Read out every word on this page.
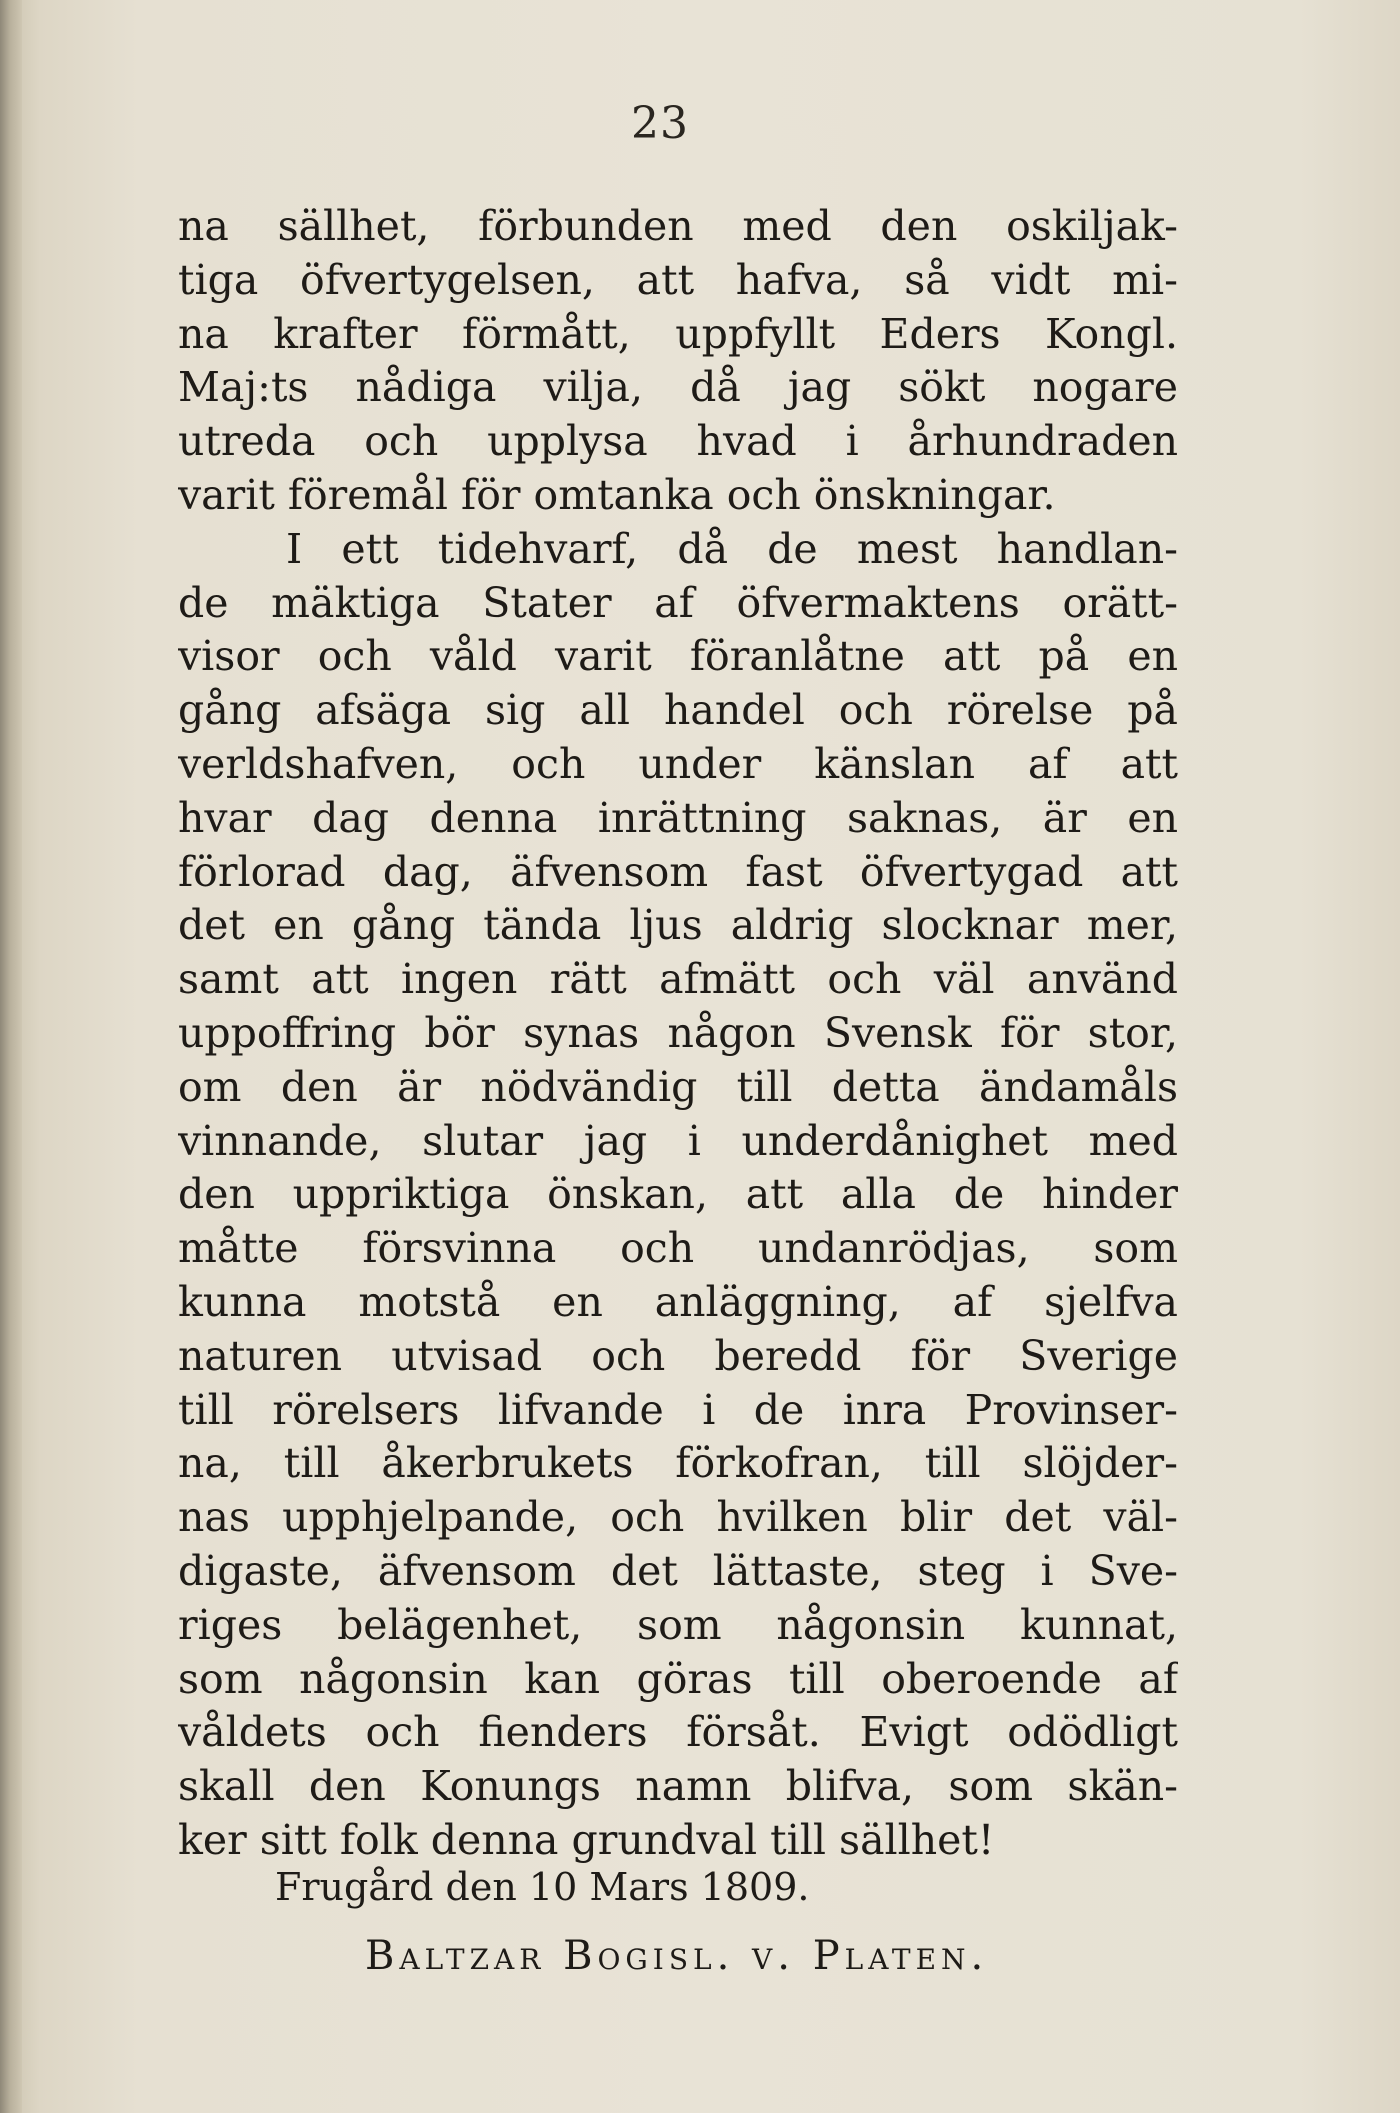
23
na sällhet, förbunden med den oskiljak-
tiga öfvertygelsen, att hafva, så vidt mi-
na krafter förmått, uppfyllt Eders Kongl.
Maj:ts nådiga vilja, då jag sökt nogare
utreda och upplysa hvad i århundraden
varit föremål för omtanka och önskningar.
I ett tidehvarf, då de mest handlan-
de mäktiga Stater af öfvermaktens orätt-
visor och våld varit föranlåtne att på en
gång afsäga sig all handel och rörelse på
verldshafven, och under känslan af att
hvar dag denna inrättning saknas, är en
förlorad dag, äfvensom fast öfvertygad att
det en gång tända ljus aldrig slocknar mer,
samt att ingen rätt afmätt och väl använd
uppoffring bör synas någon Svensk för stor,
om den är nödvändig till detta ändamåls
vinnande, slutar jag i underdånighet med
den uppriktiga önskan, att alla de hinder
måtte försvinna och undanrödjas, som
kunna motstå en anläggning, af sjelfva
naturen utvisad och beredd för Sverige
till rörelsers lifvande i de inra Provinser-
na, till åkerbrukets förkofran, till slöjder-
nas upphjelpande, och hvilken blir det väl-
digaste, äfvensom det lättaste, steg i Sve-
riges belägenhet, som någonsin kunnat,
som någonsin kan göras till oberoende af
våldets och fienders försåt. Evigt odödligt
skall den Konungs namn blifva, som skän-
ker sitt folk denna grundval till sällhet!
Frugård den 10 Mars 1809.
Baltzar Bogisl. v. Platen.
